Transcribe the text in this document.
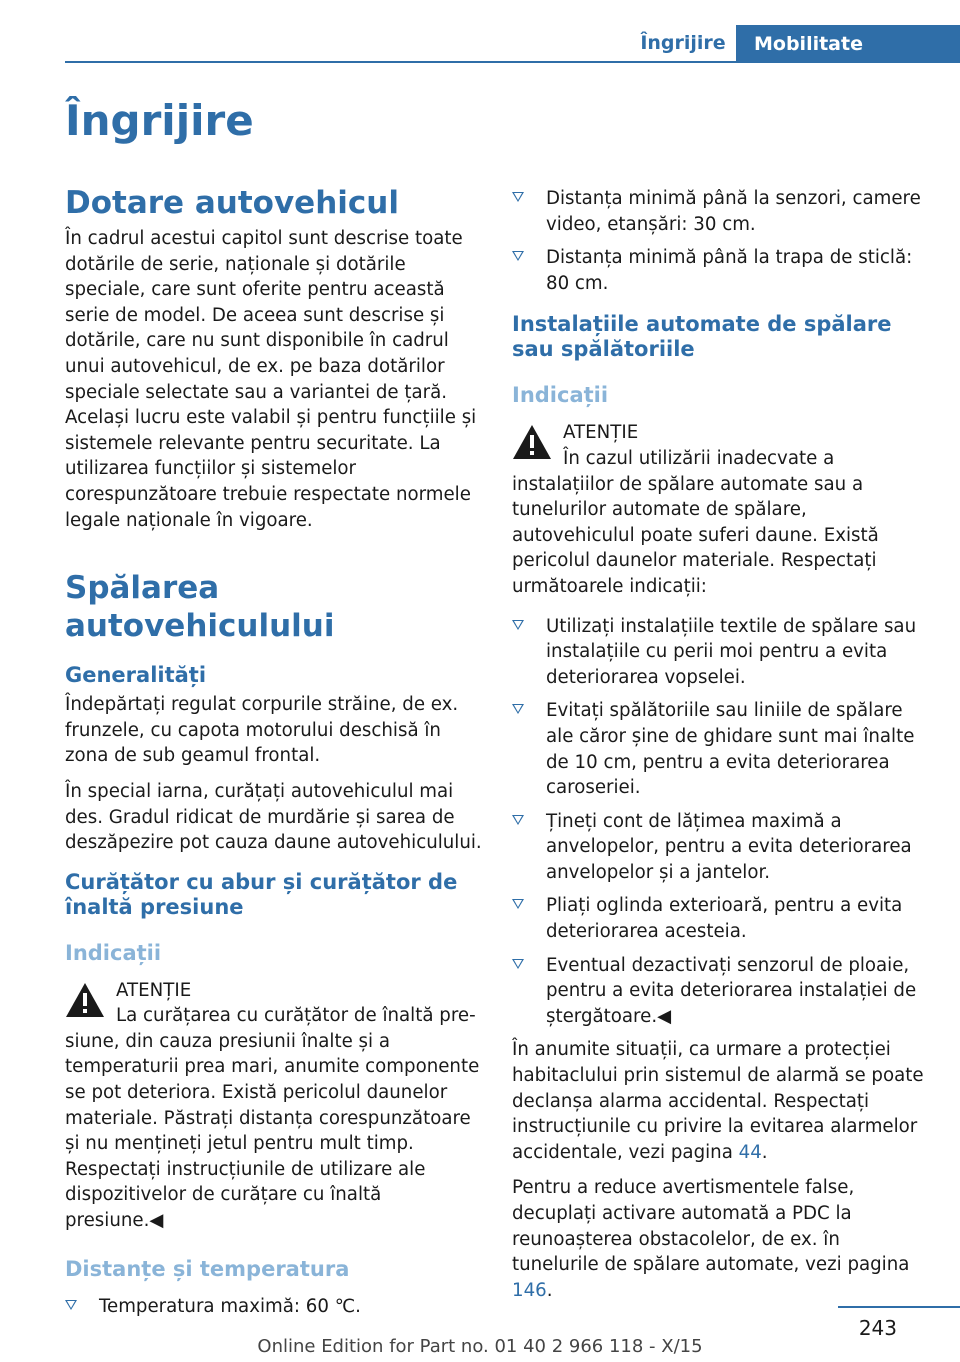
Îngrijire	Mobilitate
Îngrijire
Dotare autovehicul

În cadrul acestui capitol sunt descrise toate dotările de serie, naționale și dotările speciale, care sunt oferite pentru această serie de model. De aceea sunt descrise și dotările, care nu sunt disponibile în cadrul unui autovehicul, de ex. pe baza dotărilor speciale selectate sau a variantei de țară. Același lucru este valabil și pentru funcțiile și sistemele relevante pentru securitate. La utilizarea funcțiilor și sistemelor corespunzătoare trebuie respectate normele legale naționale în vigoare.

Spălarea autovehiculului
Generalități

Îndepărtați regulat corpurile străine, de ex. frunzele, cu capota motorului deschisă în zona de sub geamul frontal.

În special iarna, curățați autovehiculul mai des. Gradul ridicat de murdărie și sarea de deszăpezire pot cauza daune autovehiculului.

Curățător cu abur și curățător de înaltă presiune
Indicații
ATENȚIE

La curățarea cu curățător de înaltă presiune, din cauza presiunii înalte și a temperaturii prea mari, anumite componente se pot deteriora. Există pericolul daunelor materiale. Păstrați distanța corespunzătoare și nu mențineți jetul pentru mult timp. Respectați instrucțiunile de utilizare ale dispozitivelor de curățare cu înaltă presiune.◀

Distanțe și temperatura
Temperatura maximă: 60 ℃.
Distanța minimă până la senzori, camere video, etanșări: 30 cm.
Distanța minimă până la trapa de sticlă: 80 cm.
Instalațiile automate de spălare sau spălătoriile
Indicații
ATENȚIE

În cazul utilizării inadecvate a instalațiilor de spălare automate sau a tunelurilor automate de spălare, autovehiculul poate suferi daune. Există pericolul daunelor materiale. Respectați următoarele indicații:

Utilizați instalațiile textile de spălare sau instalațiile cu perii moi pentru a evita deteriorarea vopselei.
Evitați spălătoriile sau liniile de spălare ale căror șine de ghidare sunt mai înalte de 10 cm, pentru a evita deteriorarea caroseriei.
Țineți cont de lățimea maximă a anvelopelor, pentru a evita deteriorarea anvelopelor și a jantelor.
Pliați oglinda exterioară, pentru a evita deteriorarea acesteia.
Eventual dezactivați senzorul de ploaie, pentru a evita deteriorarea instalației de ștergătoare.◀

În anumite situații, ca urmare a protecției habitaclului prin sistemul de alarmă se poate declanșa alarma accidental. Respectați instrucțiunile cu privire la evitarea alarmelor accidentale, vezi pagina 44.

Pentru a reduce avertismentele false, decuplați activare automată a PDC la reunoașterea obstacolelor, de ex. în tunelurile de spălare automate, vezi pagina 146.

243
Online Edition for Part no. 01 40 2 966 118 - X/15
